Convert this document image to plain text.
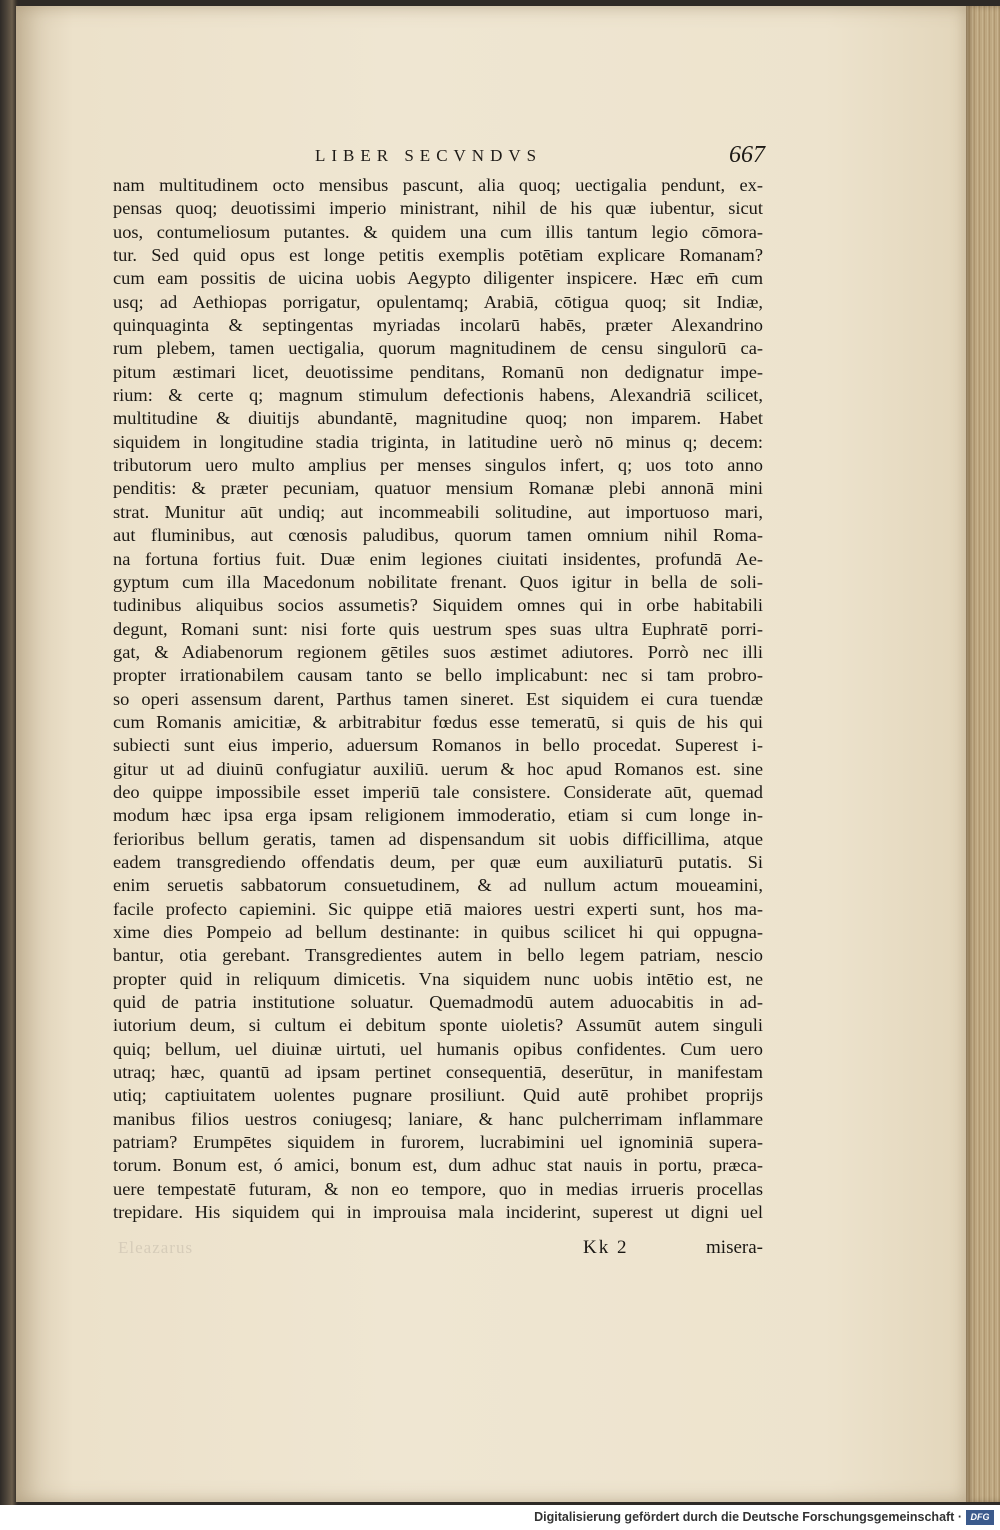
LIBER SECVNDVS	667
nam multitudinem octo mensibus pascunt, alia quoq; uectigalia pendunt, ex-
pensas quoq; deuotissimi imperio ministrant, nihil de his quæ iubentur, sicut
uos, contumeliosum putantes. & quidem una cum illis tantum legio cōmora-
tur. Sed quid opus est longe petitis exemplis potētiam explicare Romanam?
cum eam possitis de uicina uobis Aegypto diligenter inspicere. Hæc em̄ cum
usq; ad Aethiopas porrigatur, opulentamq; Arabiā, cōtigua quoq; sit Indiæ,
quinquaginta & septingentas myriadas incolarū habēs, præter Alexandrino
rum plebem, tamen uectigalia, quorum magnitudinem de censu singulorū ca-
pitum æstimari licet, deuotissime penditans, Romanū non dedignatur impe-
rium: & certe q; magnum stimulum defectionis habens, Alexandriā scilicet,
multitudine & diuitijs abundantē, magnitudine quoq; non imparem. Habet
siquidem in longitudine stadia triginta, in latitudine uerò nō minus q; decem:
tributorum uero multo amplius per menses singulos infert, q; uos toto anno
penditis: & præter pecuniam, quatuor mensium Romanæ plebi annonā mini
strat. Munitur aūt undiq; aut incommeabili solitudine, aut importuoso mari,
aut fluminibus, aut cœnosis paludibus, quorum tamen omnium nihil Roma-
na fortuna fortius fuit. Duæ enim legiones ciuitati insidentes, profundā Ae-
gyptum cum illa Macedonum nobilitate frenant. Quos igitur in bella de soli-
tudinibus aliquibus socios assumetis? Siquidem omnes qui in orbe habitabili
degunt, Romani sunt: nisi forte quis uestrum spes suas ultra Euphratē porri-
gat, & Adiabenorum regionem gētiles suos æstimet adiutores. Porrò nec illi
propter irrationabilem causam tanto se bello implicabunt: nec si tam probro-
so operi assensum darent, Parthus tamen sineret. Est siquidem ei cura tuendæ
cum Romanis amicitiæ, & arbitrabitur fœdus esse temeratū, si quis de his qui
subiecti sunt eius imperio, aduersum Romanos in bello procedat. Superest i-
gitur ut ad diuinū confugiatur auxiliū. uerum & hoc apud Romanos est. sine
deo quippe impossibile esset imperiū tale consistere. Considerate aūt, quemad
modum hæc ipsa erga ipsam religionem immoderatio, etiam si cum longe in-
ferioribus bellum geratis, tamen ad dispensandum sit uobis difficillima, atque
eadem transgrediendo offendatis deum, per quæ eum auxiliaturū putatis. Si
enim seruetis sabbatorum consuetudinem, & ad nullum actum moueamini,
facile profecto capiemini. Sic quippe etiā maiores uestri experti sunt, hos ma-
xime dies Pompeio ad bellum destinante: in quibus scilicet hi qui oppugna-
bantur, otia gerebant. Transgredientes autem in bello legem patriam, nescio
propter quid in reliquum dimicetis. Vna siquidem nunc uobis intētio est, ne
quid de patria institutione soluatur. Quemadmodū autem aduocabitis in ad-
iutorium deum, si cultum ei debitum sponte uioletis? Assumūt autem singuli
quiq; bellum, uel diuinæ uirtuti, uel humanis opibus confidentes. Cum uero
utraq; hæc, quantū ad ipsam pertinet consequentiā, deserūtur, in manifestam
utiq; captiuitatem uolentes pugnare prosiliunt. Quid autē prohibet proprijs
manibus filios uestros coniugesq; laniare, & hanc pulcherrimam inflammare
patriam? Erumpētes siquidem in furorem, lucrabimini uel ignominiā supera-
torum. Bonum est, ó amici, bonum est, dum adhuc stat nauis in portu, præca-
uere tempestatē futuram, & non eo tempore, quo in medias irrueris procellas
trepidare. His siquidem qui in improuisa mala inciderint, superest ut digni uel
Eleazarus	Kk 2	misera-
Digitalisierung gefördert durch die Deutsche Forschungsgemeinschaft · DFG
